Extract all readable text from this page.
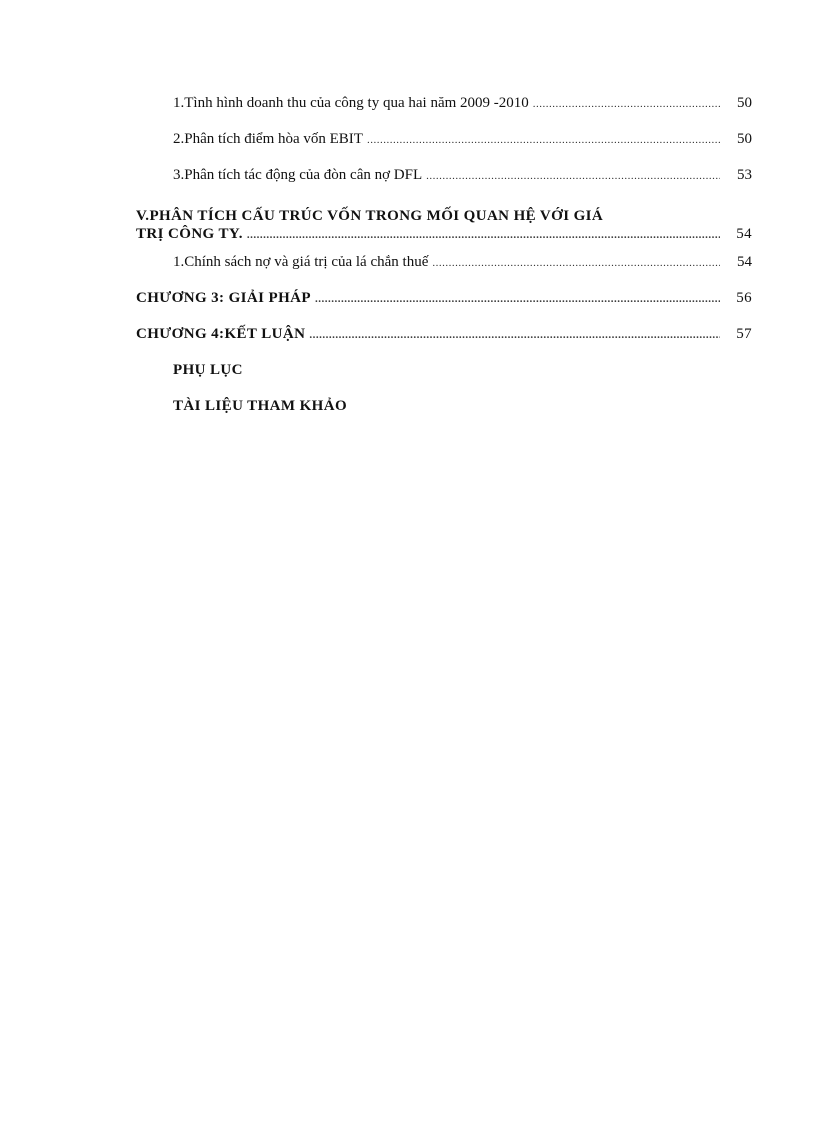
1.Tình hình doanh thu của công ty qua hai năm 2009 -2010 .....	50
2.Phân tích điểm hòa vốn EBIT .....	50
3.Phân tích tác động của đòn cân nợ DFL .....	53
V.PHÂN TÍCH CẤU TRÚC VỐN TRONG MỐI QUAN HỆ VỚI GIÁ
TRỊ CÔNG TY. .....	54
1.Chính sách nợ và giá trị của lá chắn thuế .....	54
CHƯƠNG 3: GIẢI PHÁP .....	56
CHƯƠNG 4:KẾT LUẬN .....	57
PHỤ LỤC
TÀI LIỆU THAM KHẢO
